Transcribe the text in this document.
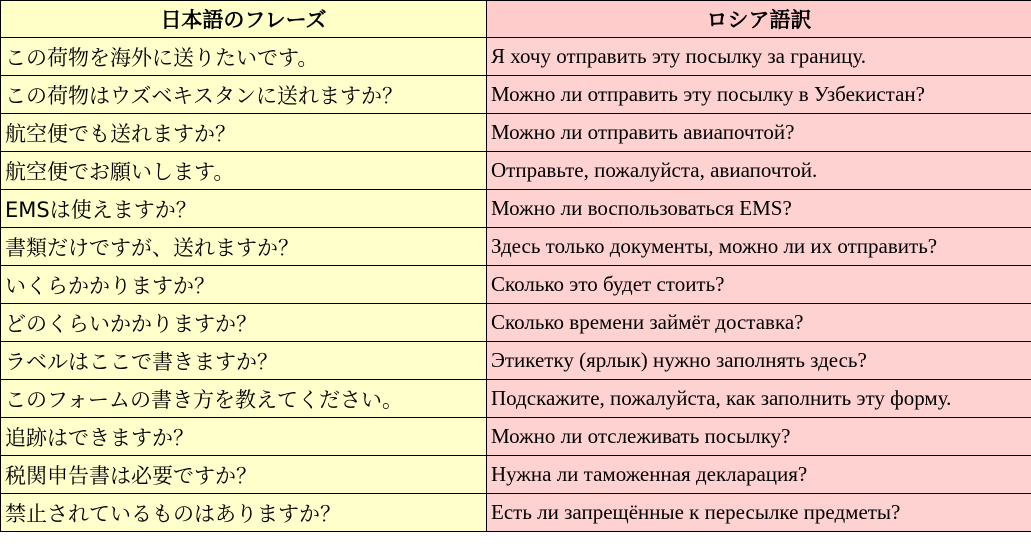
日本語のフレーズ	ロシア語訳
この荷物を海外に送りたいです。	Я хочу отправить эту посылку за границу.
この荷物はウズベキスタンに送れますか？	Можно ли отправить эту посылку в Узбекистан?
航空便でも送れますか？	Можно ли отправить авиапочтой?
航空便でお願いします。	Отправьте, пожалуйста, авиапочтой.
EMSは使えますか？	Можно ли воспользоваться EMS?
書類だけですが、送れますか？	Здесь только документы, можно ли их отправить?
いくらかかりますか？	Сколько это будет стоить?
どのくらいかかりますか？	Сколько времени займёт доставка?
ラベルはここで書きますか？	Этикетку (ярлык) нужно заполнять здесь?
このフォームの書き方を教えてください。	Подскажите, пожалуйста, как заполнить эту форму.
追跡はできますか？	Можно ли отслеживать посылку?
税関申告書は必要ですか？	Нужна ли таможенная декларация?
禁止されているものはありますか？	Есть ли запрещённые к пересылке предметы?
